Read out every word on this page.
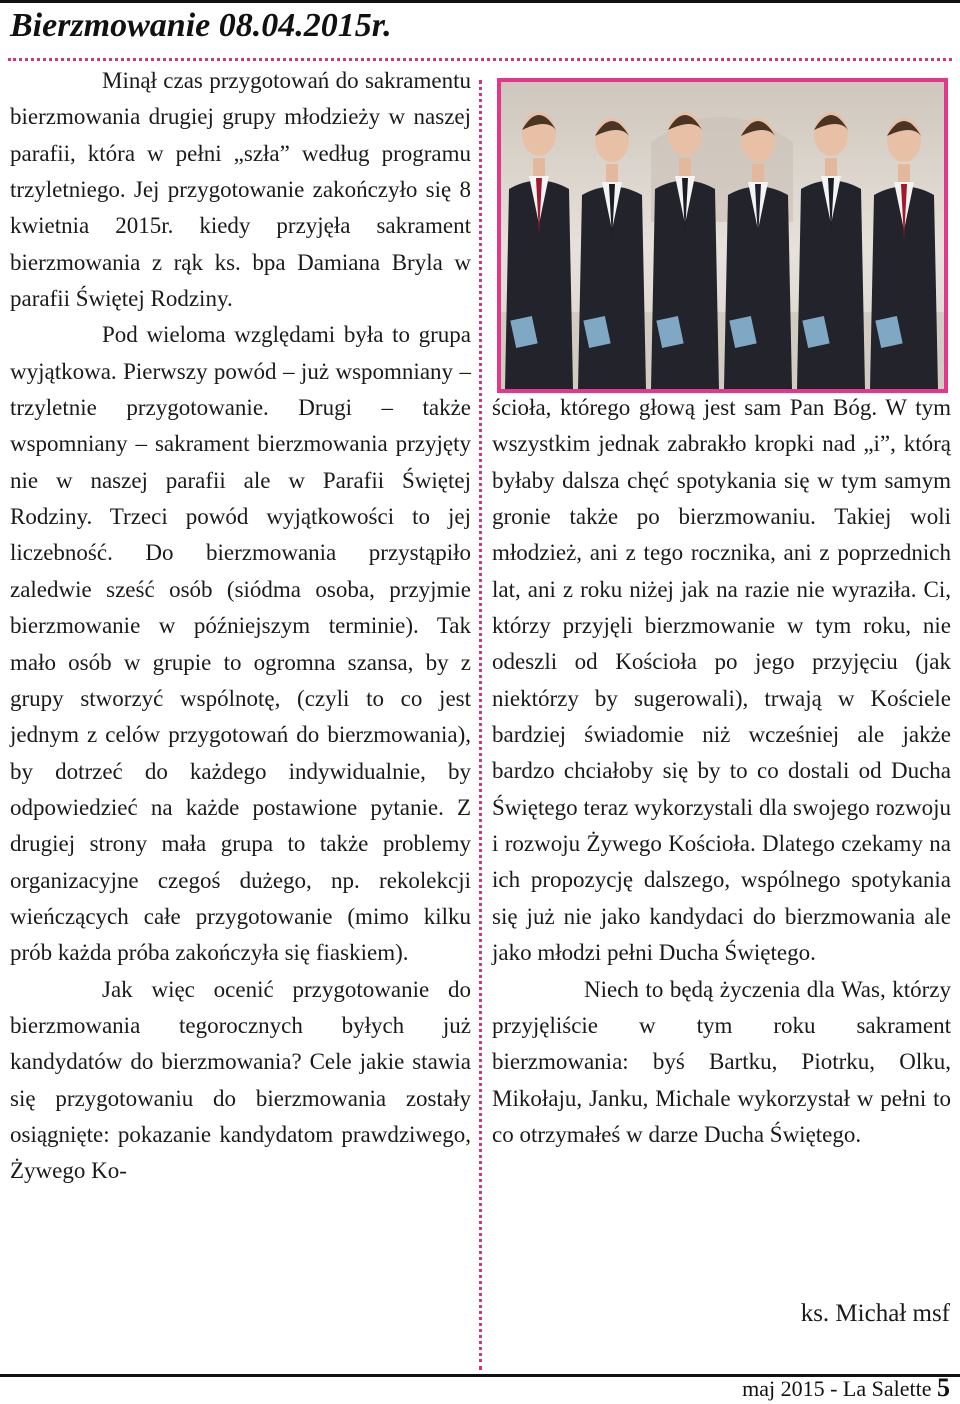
Bierzmowanie 08.04.2015r.

Minął czas przygotowań do sakramentu bierzmowania drugiej grupy młodzieży w naszej parafii, która w pełni „szła” według programu trzyletniego. Jej przygotowanie zakończyło się 8 kwietnia 2015r. kiedy przyjęła sakrament bierzmowania z rąk ks. bpa Damiana Bryla w parafii Świętej Rodziny.

Pod wieloma względami była to grupa wyjątkowa. Pierwszy powód – już wspomniany – trzyletnie przygotowanie. Drugi – także wspomniany – sakrament bierzmowania przyjęty nie w naszej parafii ale w Parafii Świętej Rodziny. Trzeci powód wyjątkowości to jej liczebność. Do bierzmowania przystąpiło zaledwie sześć osób (siódma osoba, przyjmie bierzmowanie w późniejszym terminie). Tak mało osób w grupie to ogromna szansa, by z grupy stworzyć wspólnotę, (czyli to co jest jednym z celów przygotowań do bierzmowania), by dotrzeć do każdego indywidualnie, by odpowiedzieć na każde postawione pytanie. Z drugiej strony mała grupa to także problemy organizacyjne czegoś dużego, np. rekolekcji wieńczących całe przygotowanie (mimo kilku prób każda próba zakończyła się fiaskiem).

Jak więc ocenić przygotowanie do bierzmowania tegorocznych byłych już kandydatów do bierzmowania? Cele jakie stawia się przygotowaniu do bierzmowania zostały osiągnięte: pokazanie kandydatom prawdziwego, Żywego Ko-

ścioła, którego głową jest sam Pan Bóg. W tym wszystkim jednak zabrakło kropki nad „i”, którą byłaby dalsza chęć spotykania się w tym samym gronie także po bierzmowaniu. Takiej woli młodzież, ani z tego rocznika, ani z poprzednich lat, ani z roku niżej jak na razie nie wyraziła. Ci, którzy przyjęli bierzmowanie w tym roku, nie odeszli od Kościoła po jego przyjęciu (jak niektórzy by sugerowali), trwają w Kościele bardziej świadomie niż wcześniej ale jakże bardzo chciałoby się by to co dostali od Ducha Świętego teraz wykorzystali dla swojego rozwoju i rozwoju Żywego Kościoła. Dlatego czekamy na ich propozycję dalszego, wspólnego spotykania się już nie jako kandydaci do bierzmowania ale jako młodzi pełni Ducha Świętego.

Niech to będą życzenia dla Was, którzy przyjęliście w tym roku sakrament bierzmowania: byś Bartku, Piotrku, Olku, Mikołaju, Janku, Michale wykorzystał w pełni to co otrzymałeś w darze Ducha Świętego.

ks. Michał msf

maj 2015 - La Salette 5
